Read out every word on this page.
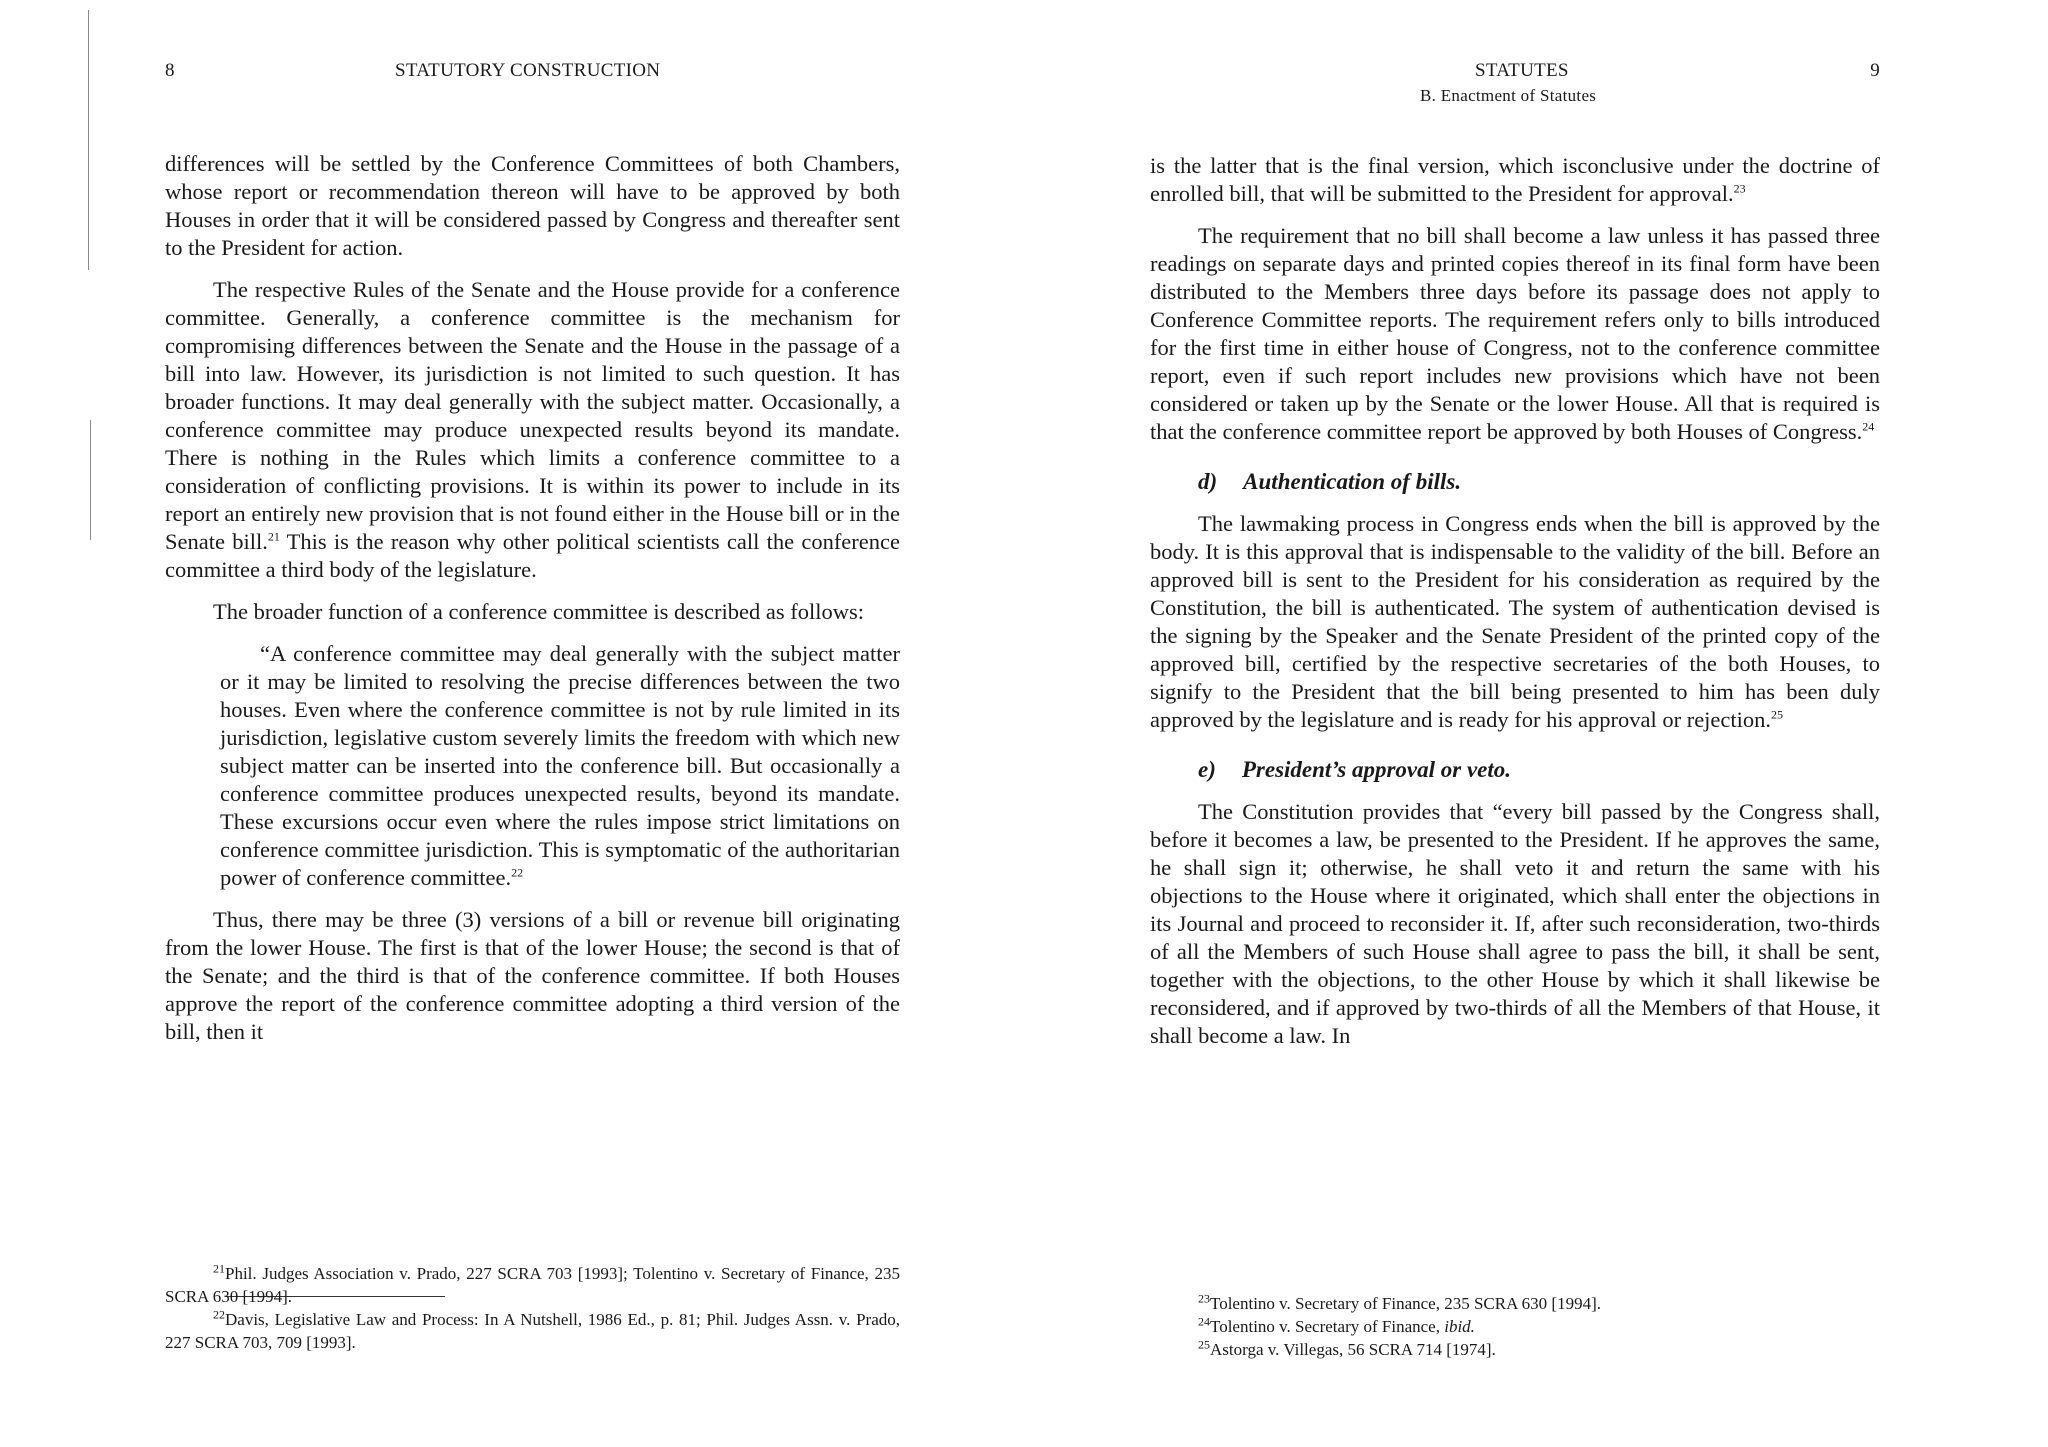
8	STATUTORY CONSTRUCTION

differences will be settled by the Conference Committees of both Chambers, whose report or recommendation thereon will have to be approved by both Houses in order that it will be considered passed by Congress and thereafter sent to the President for action.

The respective Rules of the Senate and the House provide for a conference committee. Generally, a conference committee is the mechanism for compromising differences between the Senate and the House in the passage of a bill into law. However, its jurisdiction is not limited to such question. It has broader functions. It may deal generally with the subject matter. Occasionally, a conference committee may produce unexpected results beyond its mandate. There is nothing in the Rules which limits a conference committee to a consideration of conflicting provisions. It is within its power to include in its report an entirely new provision that is not found either in the House bill or in the Senate bill.$^{21}$ This is the reason why other political scientists call the conference committee a third body of the legislature.

The broader function of a conference committee is described as follows:

“A conference committee may deal generally with the subject matter or it may be limited to resolving the precise differences between the two houses. Even where the conference committee is not by rule limited in its jurisdiction, legislative custom severely limits the freedom with which new subject matter can be inserted into the conference bill. But occasionally a conference committee produces unexpected results, beyond its mandate. These excursions occur even where the rules impose strict limitations on conference committee jurisdiction. This is symptomatic of the authoritarian power of conference committee.$^{22}$

Thus, there may be three (3) versions of a bill or revenue bill originating from the lower House. The first is that of the lower House; the second is that of the Senate; and the third is that of the conference committee. If both Houses approve the report of the conference committee adopting a third version of the bill, then it

$^{21}$Phil. Judges Association v. Prado, 227 SCRA 703 [1993]; Tolentino v. Secretary of Finance, 235 SCRA 630 [1994].

$^{22}$Davis, Legislative Law and Process: In A Nutshell, 1986 Ed., p. 81; Phil. Judges Assn. v. Prado, 227 SCRA 703, 709 [1993].

STATUTES
B. Enactment of Statutes
9

is the latter that is the final version, which isconclusive under the doctrine of enrolled bill, that will be submitted to the President for approval.$^{23}$

The requirement that no bill shall become a law unless it has passed three readings on separate days and printed copies thereof in its final form have been distributed to the Members three days before its passage does not apply to Conference Committee reports. The requirement refers only to bills introduced for the first time in either house of Congress, not to the conference committee report, even if such report includes new provisions which have not been considered or taken up by the Senate or the lower House. All that is required is that the conference committee report be approved by both Houses of Congress.$^{24}$

d) Authentication of bills.

The lawmaking process in Congress ends when the bill is approved by the body. It is this approval that is indispensable to the validity of the bill. Before an approved bill is sent to the President for his consideration as required by the Constitution, the bill is authenticated. The system of authentication devised is the signing by the Speaker and the Senate President of the printed copy of the approved bill, certified by the respective secretaries of the both Houses, to signify to the President that the bill being presented to him has been duly approved by the legislature and is ready for his approval or rejection.$^{25}$

e) President’s approval or veto.

The Constitution provides that “every bill passed by the Congress shall, before it becomes a law, be presented to the President. If he approves the same, he shall sign it; otherwise, he shall veto it and return the same with his objections to the House where it originated, which shall enter the objections in its Journal and proceed to reconsider it. If, after such reconsideration, two-thirds of all the Members of such House shall agree to pass the bill, it shall be sent, together with the objections, to the other House by which it shall likewise be reconsidered, and if approved by two-thirds of all the Members of that House, it shall become a law. In

$^{23}$Tolentino v. Secretary of Finance, 235 SCRA 630 [1994].

$^{24}$Tolentino v. Secretary of Finance, ibid.

$^{25}$Astorga v. Villegas, 56 SCRA 714 [1974].
